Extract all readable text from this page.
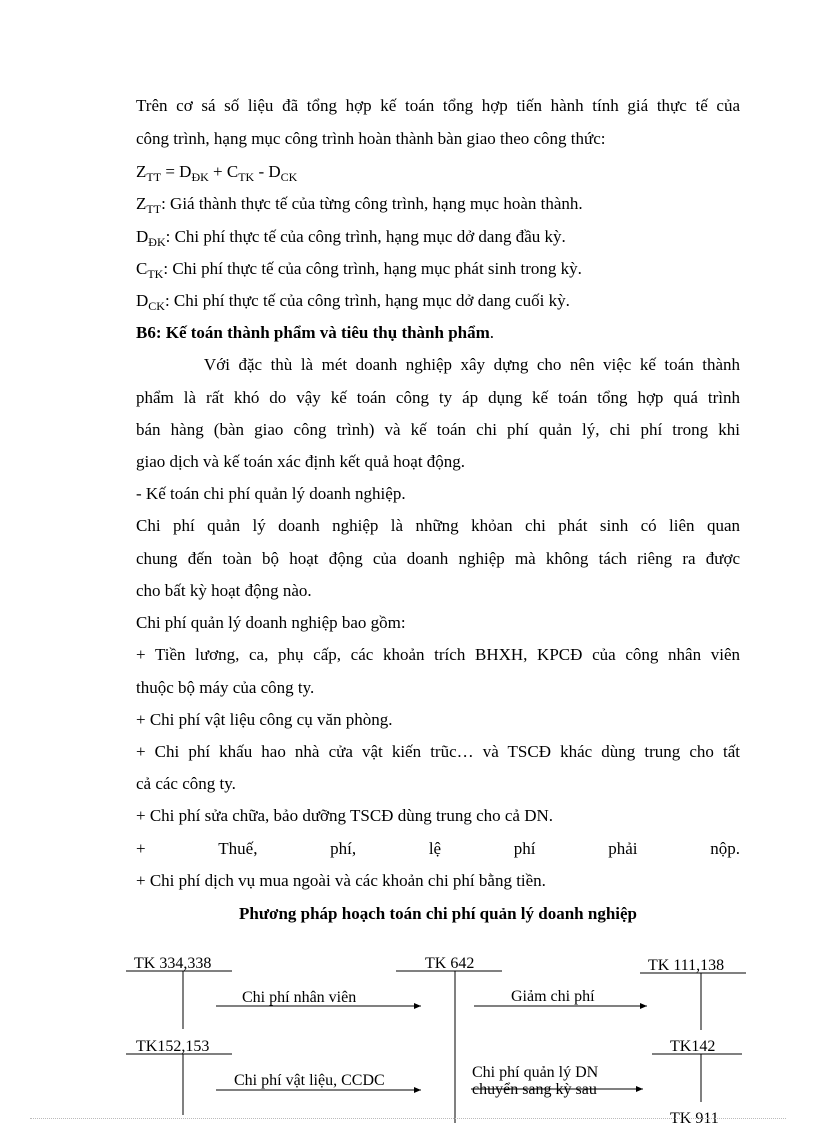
Trên cơ sá số liệu đã tổng hợp kế toán tổng hợp tiến hành tính giá thực tế của
công trình, hạng mục công trình hoàn thành bàn giao theo công thức:
$Z_{TT} = D_{ĐK} + C_{TK} - D_{CK}$
$Z_{TT}$: Giá thành thực tế của từng công trình, hạng mục hoàn thành.
$D_{ĐK}$: Chi phí thực tế của công trình, hạng mục dở dang đầu kỳ.
$C_{TK}$: Chi phí thực tế của công trình, hạng mục phát sinh trong kỳ.
$D_{CK}$: Chi phí thực tế của công trình, hạng mục dở dang cuối kỳ.
B6: Kế toán thành phẩm và tiêu thụ thành phẩm.
Với đặc thù là mét doanh nghiệp xây dựng cho nên việc kế toán thành
phẩm là rất khó do vậy kế toán công ty áp dụng kế toán tổng hợp quá trình
bán hàng (bàn giao công trình) và kế toán chi phí quản lý, chi phí trong khi
giao dịch và kế toán xác định kết quả hoạt động.
- Kế toán chi phí quản lý doanh nghiệp.
Chi phí quản lý doanh nghiệp là những khỏan chi phát sinh có liên quan
chung đến toàn bộ hoạt động của doanh nghiệp mà không tách riêng ra được
cho bất kỳ hoạt động nào.
Chi phí quản lý doanh nghiệp bao gồm:
+ Tiền lương, ca, phụ cấp, các khoản trích BHXH, KPCĐ của công nhân viên
thuộc bộ máy của công ty.
+ Chi phí vật liệu công cụ văn phòng.
+ Chi phí khấu hao nhà cửa vật kiến trũc… và TSCĐ khác dùng trung cho tất
cả các công ty.
+ Chi phí sửa chữa, bảo dưỡng TSCĐ dùng trung cho cả DN.
+	Thuế,	phí,	lệ	phí	phải	nộp.
+ Chi phí dịch vụ mua ngoài và các khoản chi phí bằng tiền.
Phương pháp hoạch toán chi phí quản lý doanh nghiệp
TK 334,338	TK 642	TK 111,138
TK152,153	TK142
TK 911
Chi phí nhân viên	Giảm chi phí
Chi phí vật liệu, CCDC	Chi phí quản lý DN
chuyển sang kỳ sau
